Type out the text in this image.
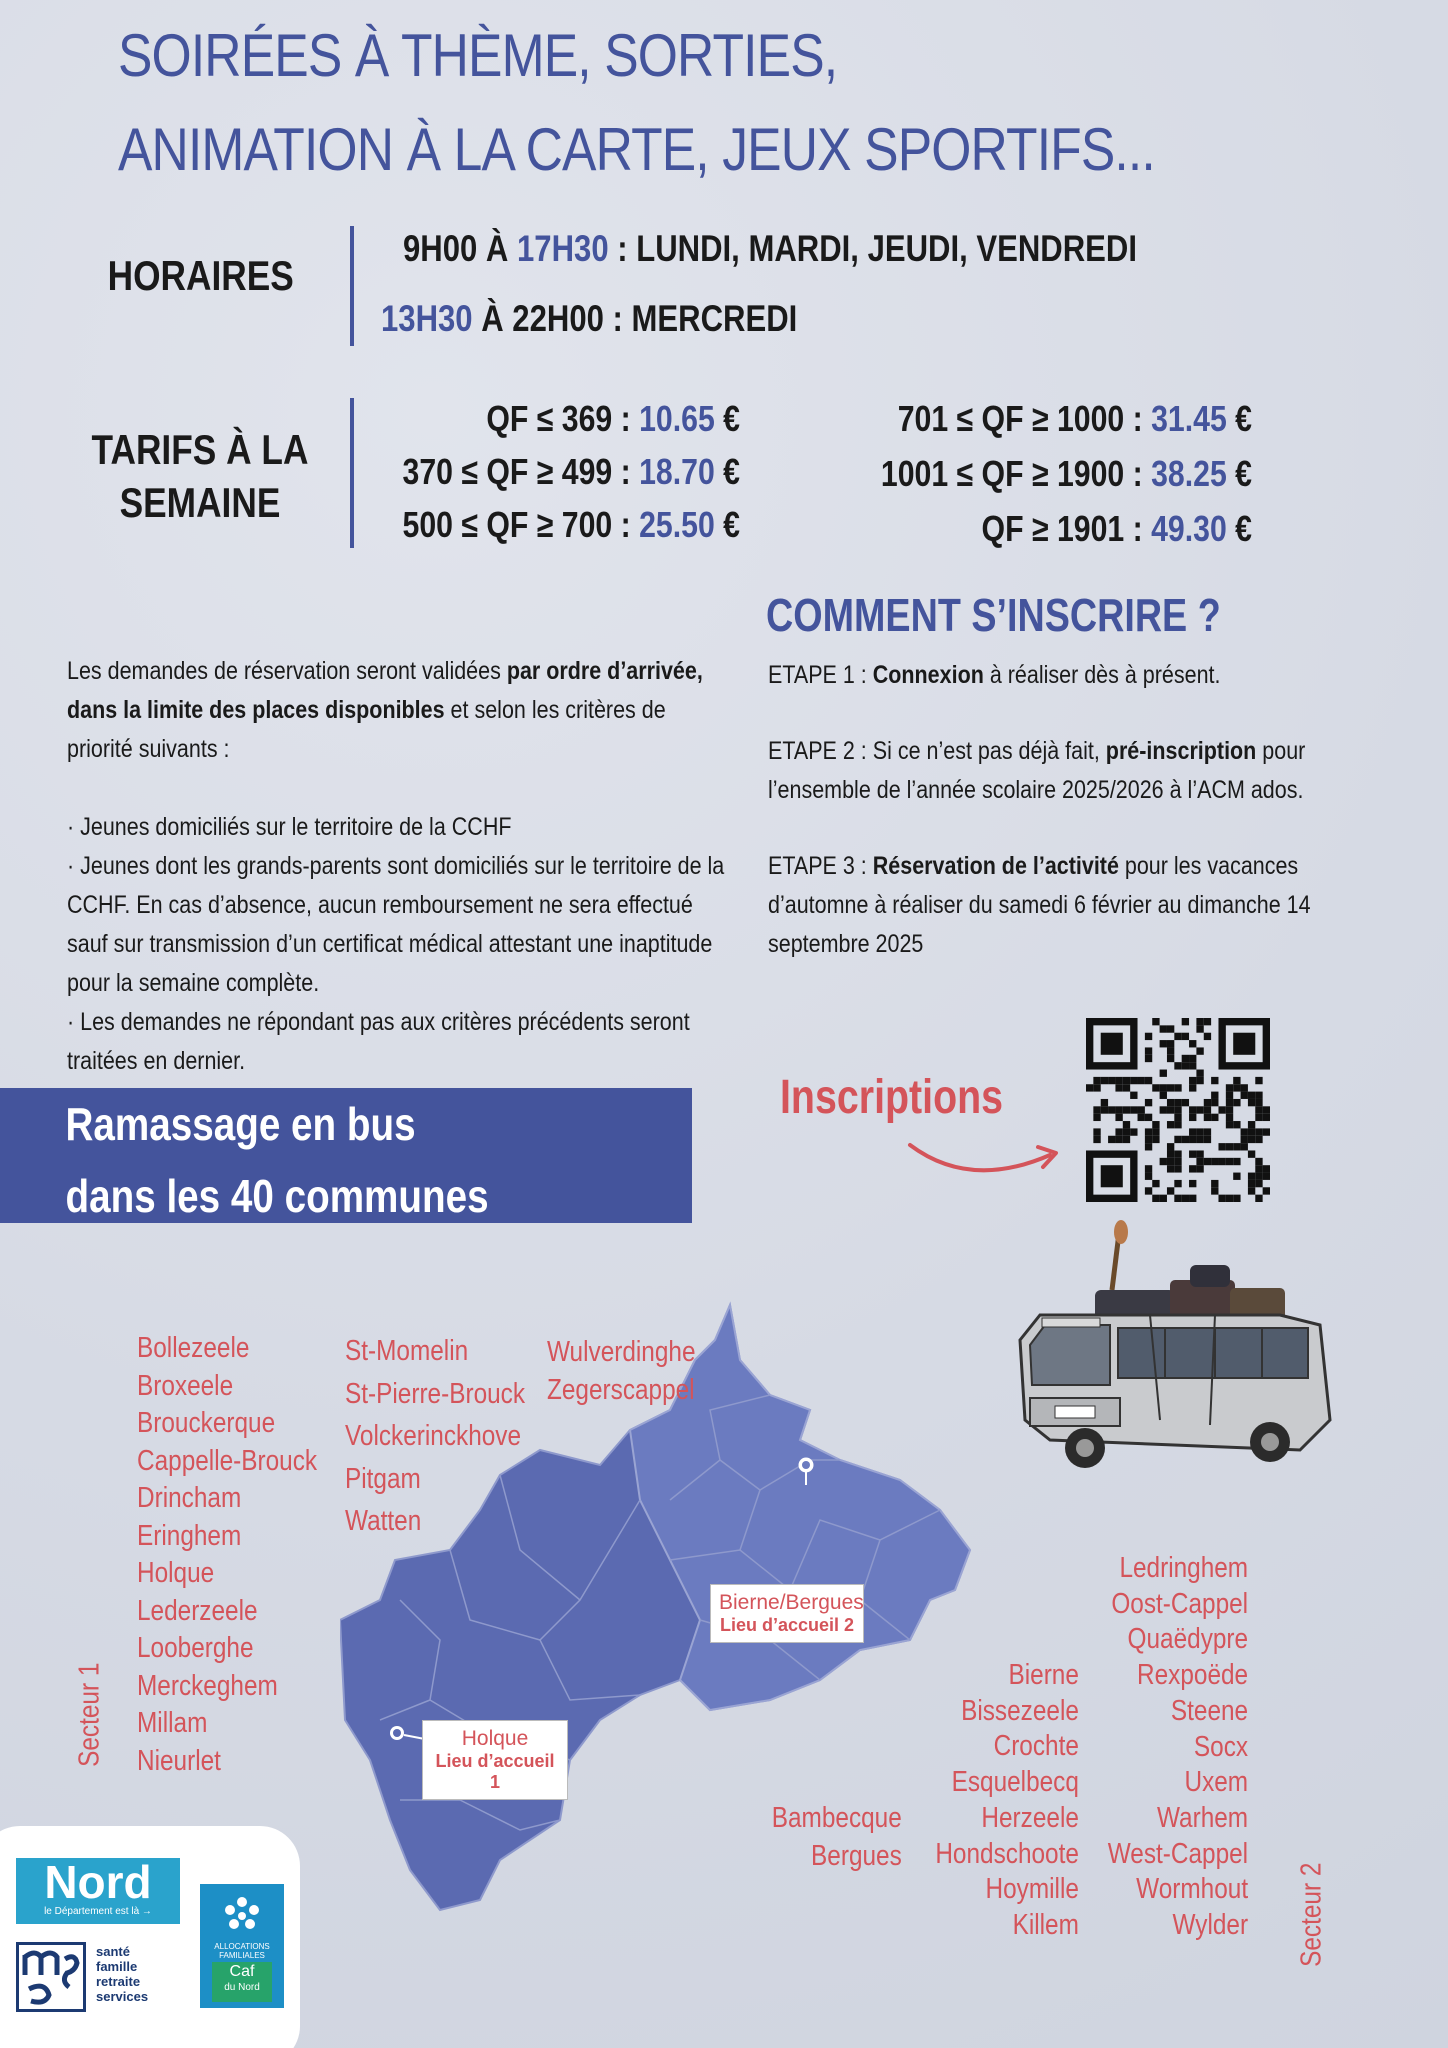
SOIRÉES À THÈME, SORTIES,
ANIMATION À LA CARTE, JEUX SPORTIFS...
HORAIRES
9H00 À 17H30 : LUNDI, MARDI, JEUDI, VENDREDI
13H30 À 22H00 : MERCREDI
TARIFS À LA
SEMAINE
QF ≤ 369 : 10.65 €
370 ≤ QF ≥ 499 : 18.70 €
500 ≤ QF ≥ 700 : 25.50 €
701 ≤ QF ≥ 1000 : 31.45 €
1001 ≤ QF ≥ 1900 : 38.25 €
QF ≥ 1901 : 49.30 €
Les demandes de réservation seront validées par ordre d’arrivée, dans la limite des places disponibles et selon les critères de priorité suivants :
· Jeunes domiciliés sur le territoire de la CCHF
· Jeunes dont les grands-parents sont domiciliés sur le territoire de la CCHF. En cas d’absence, aucun remboursement ne sera effectué sauf sur transmission d’un certificat médical attestant une inaptitude pour la semaine complète.
· Les demandes ne répondant pas aux critères précédents seront traitées en dernier.
COMMENT S’INSCRIRE ?
ETAPE 1 : Connexion à réaliser dès à présent.
ETAPE 2 : Si ce n’est pas déjà fait, pré-inscription pour l’ensemble de l’année scolaire 2025/2026 à l’ACM ados.
ETAPE 3 : Réservation de l’activité pour les vacances d’automne à réaliser du samedi 6 février au dimanche 14 septembre 2025
Inscriptions
Ramassage en bus
dans les 40 communes
Holque
Lieu d’accueil 1
Bierne/Bergues
Lieu d’accueil 2
Bollezeele
Broxeele
Brouckerque
Cappelle-Brouck
Drincham
Eringhem
Holque
Lederzeele
Looberghe
Merckeghem
Millam
Nieurlet
St-Momelin
St-Pierre-Brouck
Volckerinckhove
Pitgam
Watten
Wulverdinghe
Zegerscappel
Secteur 1
Bambecque
Bergues
Bierne
Bissezeele
Crochte
Esquelbecq
Herzeele
Hondschoote
Hoymille
Killem
Ledringhem
Oost-Cappel
Quaëdypre
Rexpoëde
Steene
Socx
Uxem
Warhem
West-Cappel
Wormhout
Wylder Secteur 2
Nord
le Département est là →
santé
famille
retraite
services
ALLOCATIONS FAMILIALES
Caf
du Nord
